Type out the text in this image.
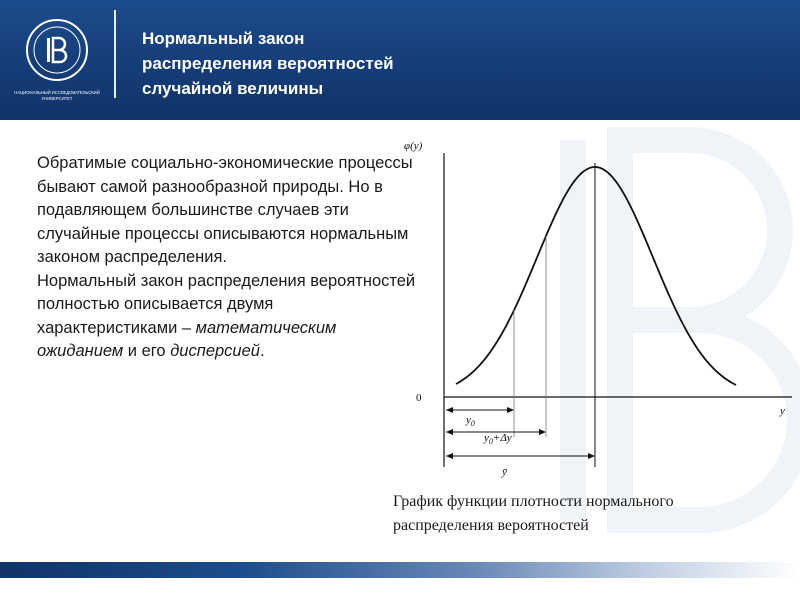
НАЦИОНАЛЬНЫЙ ИССЛЕДОВАТЕЛЬСКИЙ
УНИВЕРСИТЕТ
Нормальный закон
распределения вероятностей
случайной величины

Обратимые социально-экономические процессы бывают самой разнообразной природы. Но в подавляющем большинстве случаев эти случайные процессы описываются нормальным законом распределения.

Нормальный закон распределения вероятностей полностью описывается двумя характеристиками – математическим ожиданием и его дисперсией.

φ(y)
y
0
$y_0$
$y_0+\Delta y$
ȳ
График функции плотности нормального
распределения вероятностей
